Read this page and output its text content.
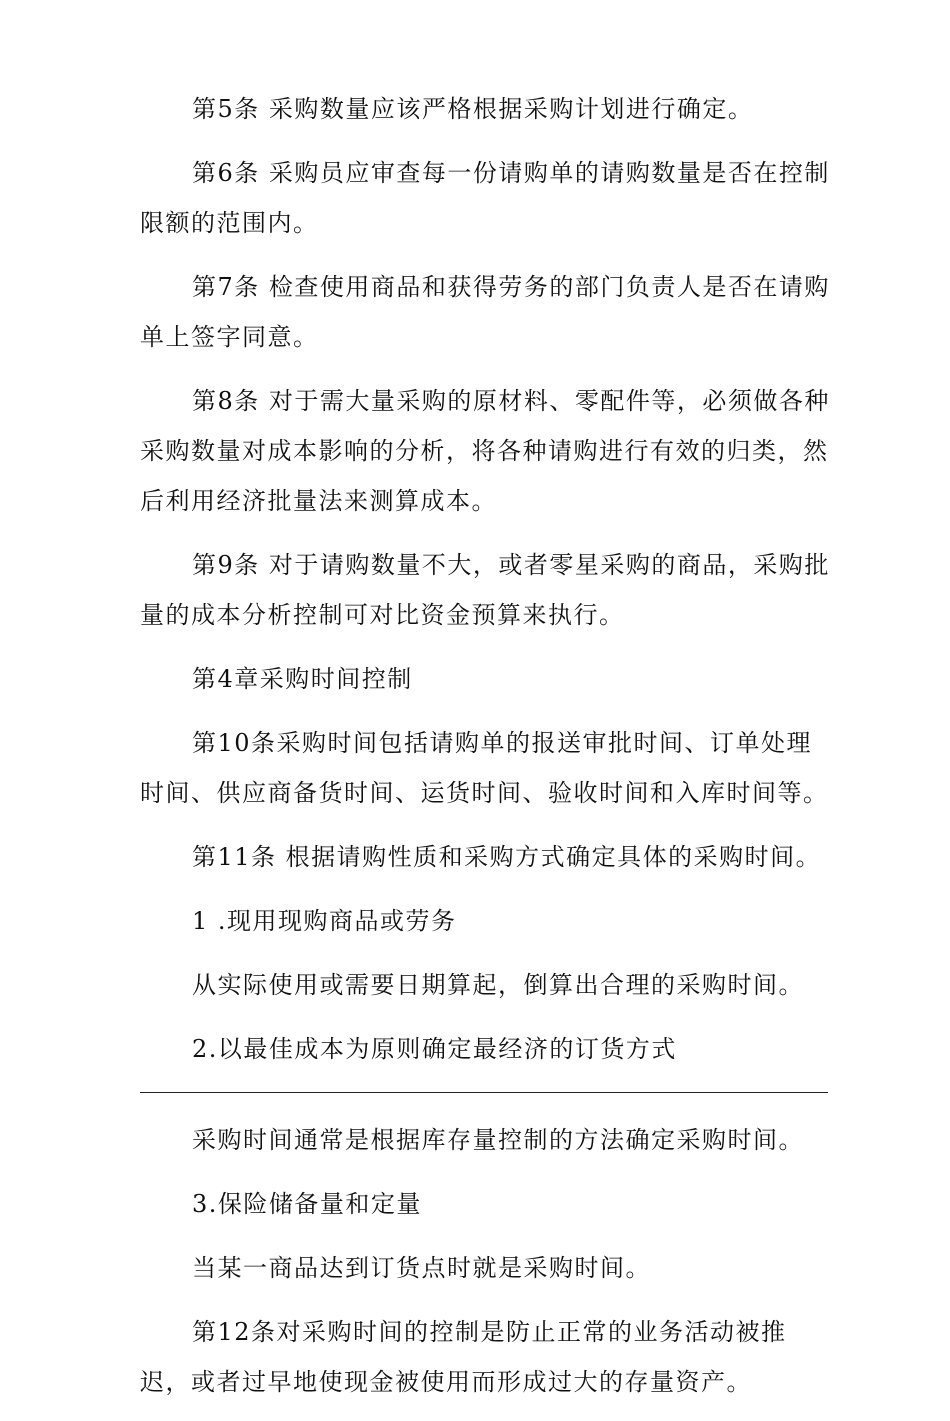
第5条 采购数量应该严格根据采购计划进行确定。

第6条 采购员应审查每一份请购单的请购数量是否在控制限额的范围内。

第7条 检查使用商品和获得劳务的部门负责人是否在请购单上签字同意。

第8条 对于需大量采购的原材料、零配件等，必须做各种采购数量对成本影响的分析，将各种请购进行有效的归类，然后利用经济批量法来测算成本。

第9条 对于请购数量不大，或者零星采购的商品，采购批量的成本分析控制可对比资金预算来执行。

第4章采购时间控制

第10条采购时间包括请购单的报送审批时间、订单处理时间、供应商备货时间、运货时间、验收时间和入库时间等。

第11条 根据请购性质和采购方式确定具体的采购时间。

1 .现用现购商品或劳务

从实际使用或需要日期算起，倒算出合理的采购时间。

2.以最佳成本为原则确定最经济的订货方式

采购时间通常是根据库存量控制的方法确定采购时间。

3.保险储备量和定量

当某一商品达到订货点时就是采购时间。

第12条对采购时间的控制是防止正常的业务活动被推迟，或者过早地使现金被使用而形成过大的存量资产。
